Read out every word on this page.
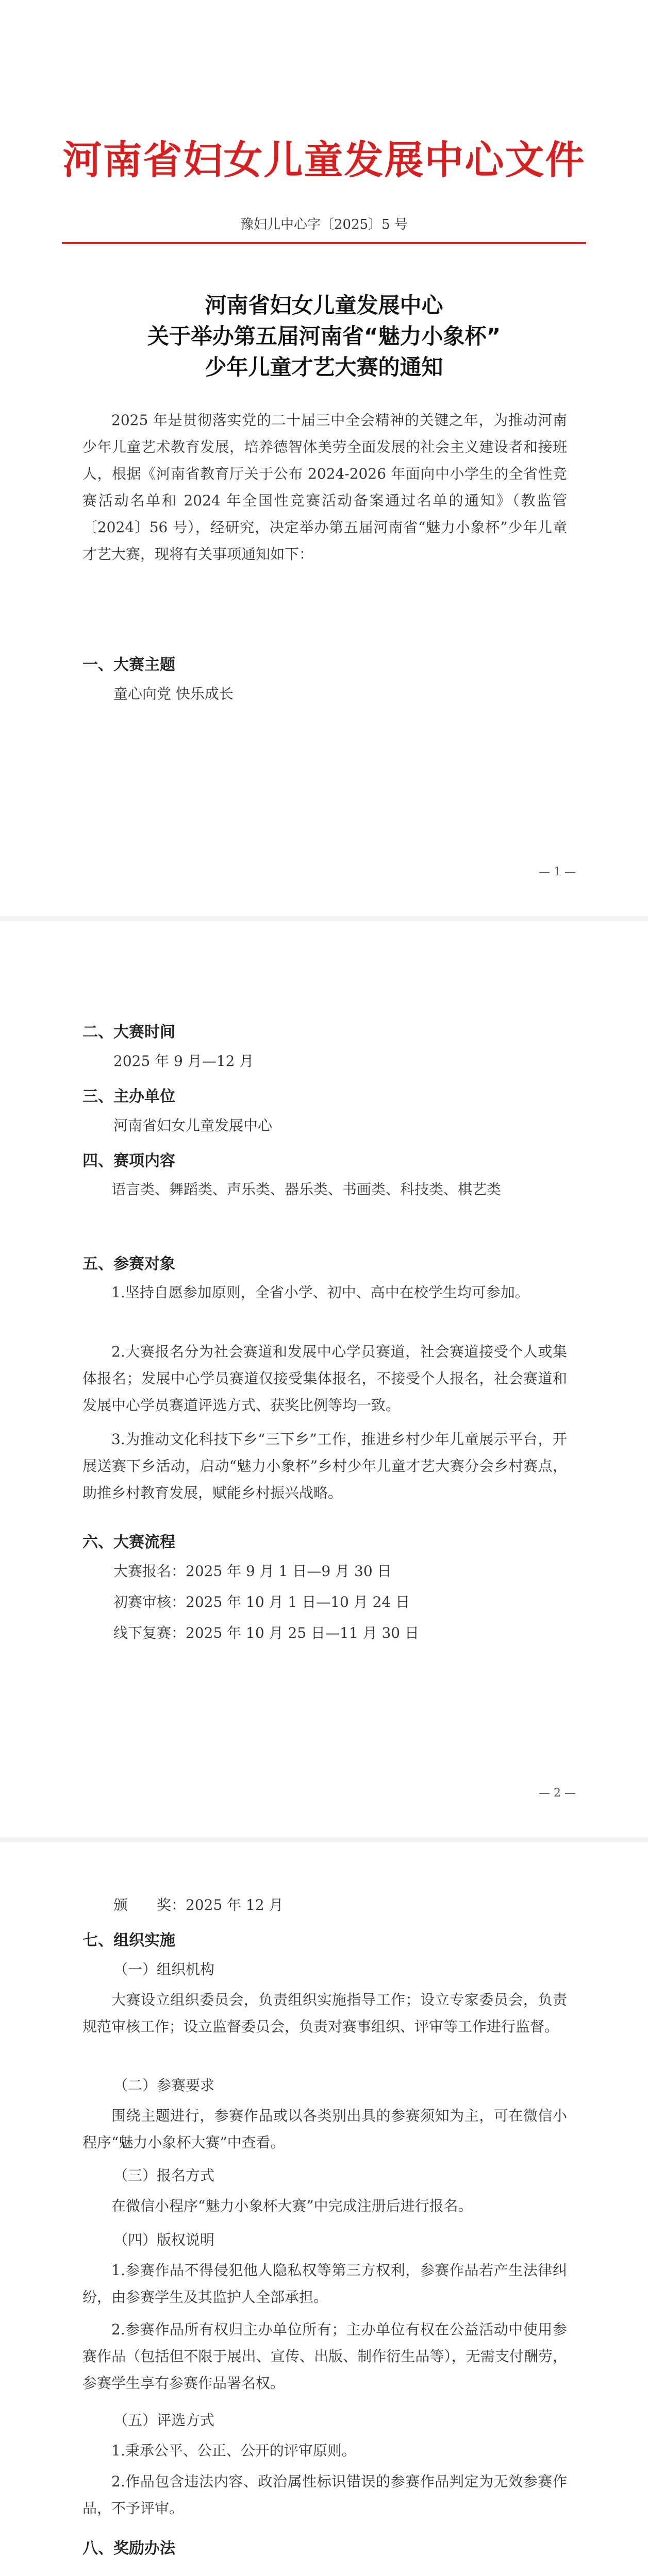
河南省妇女儿童发展中心文件
豫妇儿中心字〔2025〕5 号
河南省妇女儿童发展中心
关于举办第五届河南省“魅力小象杯”
少年儿童才艺大赛的通知
2025 年是贯彻落实党的二十届三中全会精神的关键之年，为推动河南少年儿童艺术教育发展，培养德智体美劳全面发展的社会主义建设者和接班人，根据《河南省教育厅关于公布 2024-2026 年面向中小学生的全省性竞赛活动名单和 2024 年全国性竞赛活动备案通过名单的通知》（教监管〔2024〕56 号），经研究，决定举办第五届河南省“魅力小象杯”少年儿童才艺大赛，现将有关事项通知如下：
一、大赛主题
童心向党 快乐成长
— 1 —
二、大赛时间
2025 年 9 月—12 月
三、主办单位
河南省妇女儿童发展中心
四、赛项内容
语言类、舞蹈类、声乐类、器乐类、书画类、科技类、棋艺类
五、参赛对象
1.坚持自愿参加原则，全省小学、初中、高中在校学生均可参加。
2.大赛报名分为社会赛道和发展中心学员赛道，社会赛道接受个人或集体报名；发展中心学员赛道仅接受集体报名，不接受个人报名，社会赛道和发展中心学员赛道评选方式、获奖比例等均一致。
3.为推动文化科技下乡“三下乡”工作，推进乡村少年儿童展示平台，开展送赛下乡活动，启动“魅力小象杯”乡村少年儿童才艺大赛分会乡村赛点，助推乡村教育发展，赋能乡村振兴战略。
六、大赛流程
大赛报名：2025 年 9 月 1 日—9 月 30 日
初赛审核：2025 年 10 月 1 日—10 月 24 日
线下复赛：2025 年 10 月 25 日—11 月 30 日
— 2 —
颁　　奖：2025 年 12 月
七、组织实施
（一）组织机构
大赛设立组织委员会，负责组织实施指导工作；设立专家委员会，负责规范审核工作；设立监督委员会，负责对赛事组织、评审等工作进行监督。
（二）参赛要求
围绕主题进行，参赛作品或以各类别出具的参赛须知为主，可在微信小程序“魅力小象杯大赛”中查看。
（三）报名方式
在微信小程序“魅力小象杯大赛”中完成注册后进行报名。
（四）版权说明
1.参赛作品不得侵犯他人隐私权等第三方权利，参赛作品若产生法律纠纷，由参赛学生及其监护人全部承担。
2.参赛作品所有权归主办单位所有；主办单位有权在公益活动中使用参赛作品（包括但不限于展出、宣传、出版、制作衍生品等），无需支付酬劳，参赛学生享有参赛作品署名权。
（五）评选方式
1.秉承公平、公正、公开的评审原则。
2.作品包含违法内容、政治属性标识错误的参赛作品判定为无效参赛作品，不予评审。
八、奖励办法
